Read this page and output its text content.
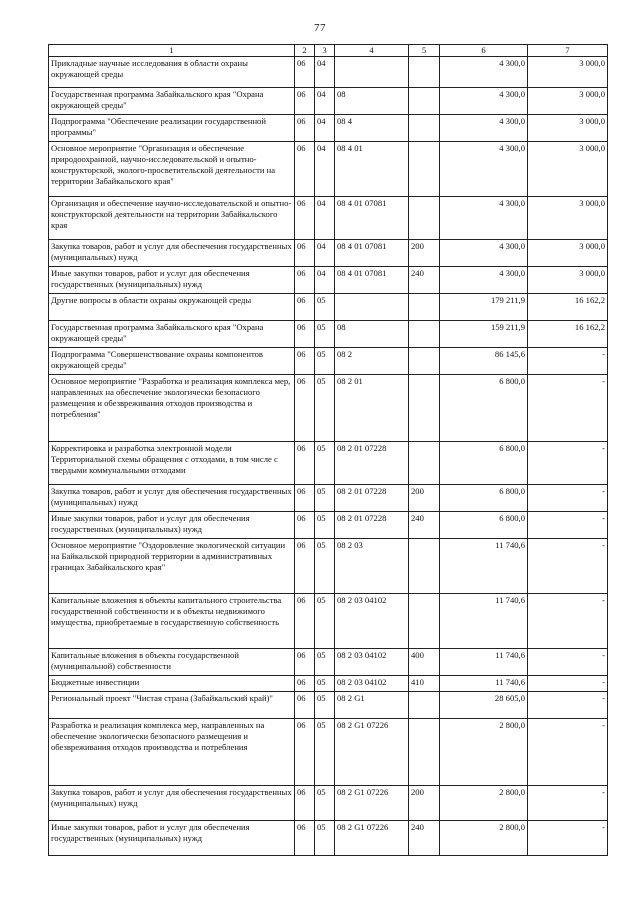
77
1	2	3	4	5	6	7
Прикладные научные исследования в области охраны окружающей среды	06	04			4 300,0	3 000,0
Государственная программа Забайкальского края "Охрана окружающей среды"	06	04	08		4 300,0	3 000,0
Подпрограмма "Обеспечение реализации государственной программы"	06	04	08 4		4 300,0	3 000,0
Основное мероприятие "Организация и обеспечение природоохранной, научно-исследовательской и опытно- конструкторской, эколого-просветительской деятельности на территории Забайкальского края"	06	04	08 4 01		4 300,0	3 000,0
Организация и обеспечение научно-исследовательской и опытно-конструкторской деятельности на территории Забайкальского края	06	04	08 4 01 07081		4 300,0	3 000,0
Закупка товаров, работ и услуг для обеспечения государственных (муниципальных) нужд	06	04	08 4 01 07081	200	4 300,0	3 000,0
Иные закупки товаров, работ и услуг для обеспечения государственных (муниципальных) нужд	06	04	08 4 01 07081	240	4 300,0	3 000,0
Другие вопросы в области охраны окружающей среды	06	05			179 211,9	16 162,2
Государственная программа Забайкальского края "Охрана окружающей среды"	06	05	08		159 211,9	16 162,2
Подпрограмма "Совершенствование охраны компонентов окружающей среды"	06	05	08 2		86 145,6	-
Основное мероприятие "Разработка и реализация комплекса мер, направленных на обеспечение экологически безопасного размещения и обезвреживания отходов производства и потребления"	06	05	08 2 01		6 800,0	-
Корректировка и разработка электронной модели Территориальной схемы обращения с отходами, в том числе с твердыми коммунальными отходами	06	05	08 2 01 07228		6 800,0	-
Закупка товаров, работ и услуг для обеспечения государственных (муниципальных) нужд	06	05	08 2 01 07228	200	6 800,0	-
Иные закупки товаров, работ и услуг для обеспечения государственных (муниципальных) нужд	06	05	08 2 01 07228	240	6 800,0	-
Основное мероприятие "Оздоровление экологической ситуации на Байкальской природной территории в административных границах Забайкальского края"	06	05	08 2 03		11 740,6	-
Капитальные вложения в объекты капитального строительства государственной собственности и в объекты недвижимого имущества, приобретаемые в государственную собственность	06	05	08 2 03 04102		11 740,6	-
Капитальные вложения в объекты государственной (муниципальной) собственности	06	05	08 2 03 04102	400	11 740,6	-
Бюджетные инвестиции	06	05	08 2 03 04102	410	11 740,6	-
Региональный проект "Чистая страна (Забайкальский край)"	06	05	08 2 G1		28 605,0	-
Разработка и реализация комплекса мер, направленных на обеспечение экологически безопасного размещения и обезвреживания отходов производства и потребления	06	05	08 2 G1 07226		2 800,0	-
Закупка товаров, работ и услуг для обеспечения государственных (муниципальных) нужд	06	05	08 2 G1 07226	200	2 800,0	-
Иные закупки товаров, работ и услуг для обеспечения государственных (муниципальных) нужд	06	05	08 2 G1 07226	240	2 800,0	-
